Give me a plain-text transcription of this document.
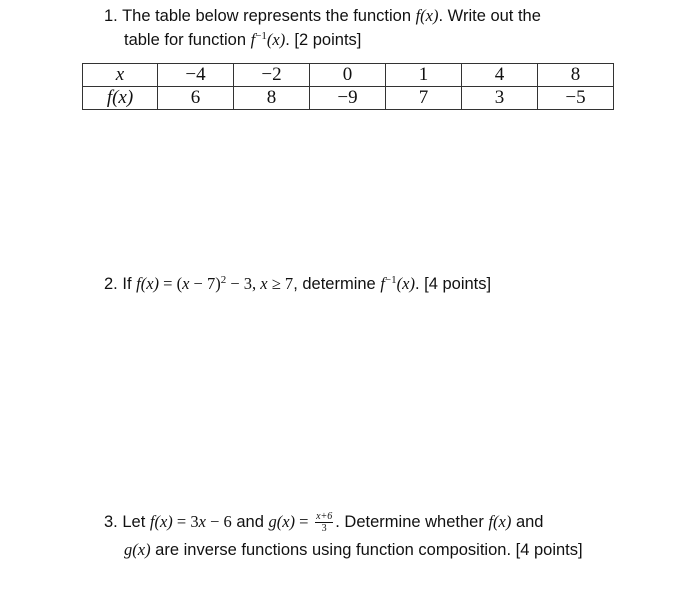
1. The table below represents the function f(x). Write out the
table for function $f^{-1}(x)$. [2 points]
x	−4	−2	0	1	4	8
f(x)	6	8	−9	7	3	−5
2. If $f(x) = (x - 7)^2 - 3$, x ≥ 7, determine $f^{-1}(x)$. [4 points]
3. Let f(x) = 3x − 6 and $g(x) = \frac{x+6}{3}$ . Determine whether f(x) and
g(x) are inverse functions using function composition. [4 points]
